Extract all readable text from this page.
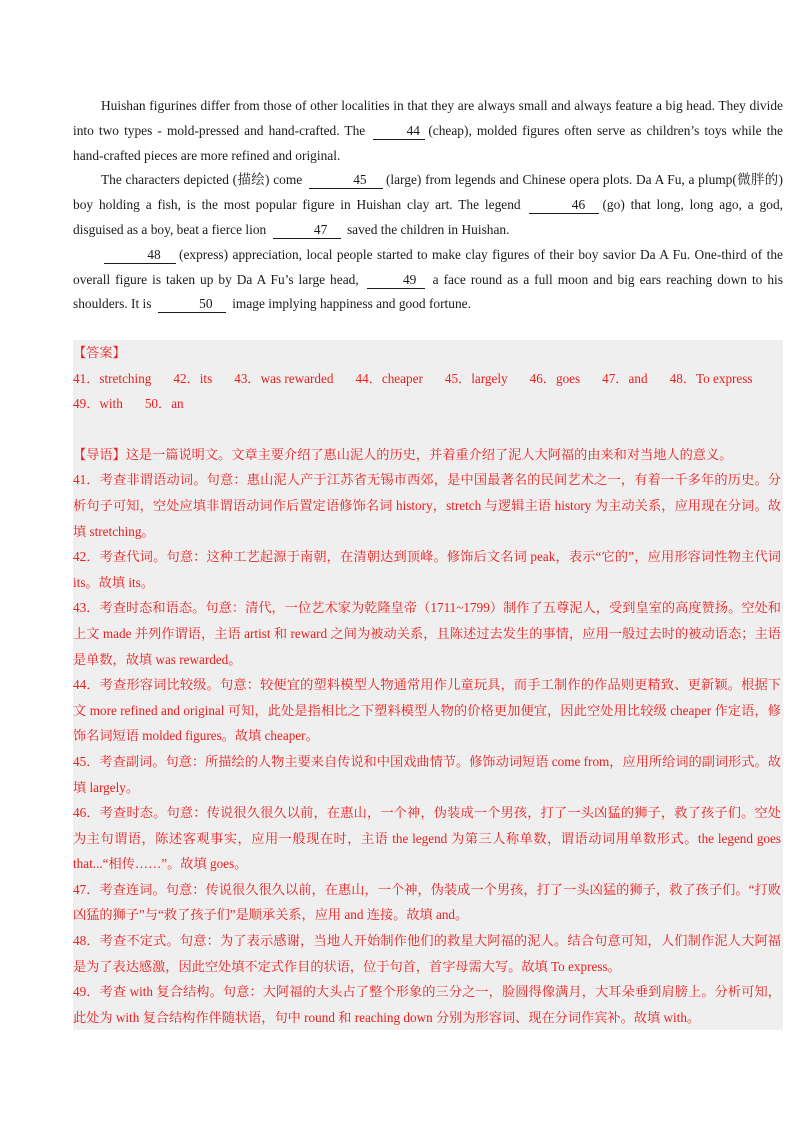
Huishan figurines differ from those of other localities in that they are always small and always feature a big head. They divide into two types - mold-pressed and hand-crafted. The	44 (cheap), molded figures often serve as children’s toys while the hand-crafted pieces are more refined and original.

The characters depicted (描绘) come	45 (large) from legends and Chinese opera plots. Da A Fu, a plump(微胖的) boy holding a fish, is the most popular figure in Huishan clay art. The legend	46 (go) that long, long ago, a god, disguised as a boy, beat a fierce lion	47 saved the children in Huishan.

48 (express) appreciation, local people started to make clay figures of their boy savior Da A Fu. One-third of the overall figure is taken up by Da A Fu’s large head,	49 a face round as a full moon and big ears reaching down to his shoulders. It is	50 image implying happiness and good fortune.

【答案】

41．stretching 42．its 43．was rewarded 44．cheaper 45．largely 46．goes 47．and 48．To express49．with 50．an

【导语】这是一篇说明文。文章主要介绍了惠山泥人的历史，并着重介绍了泥人大阿福的由来和对当地人的意义。

41．考查非谓语动词。句意：惠山泥人产于江苏省无锡市西郊，是中国最著名的民间艺术之一，有着一千多年的历史。分析句子可知，空处应填非谓语动词作后置定语修饰名词 history，stretch 与逻辑主语 history 为主动关系，应用现在分词。故填 stretching。

42．考查代词。句意：这种工艺起源于南朝，在清朝达到顶峰。修饰后文名词 peak，表示“它的”，应用形容词性物主代词 its。故填 its。

43．考查时态和语态。句意：清代，一位艺术家为乾隆皇帝（1711~1799）制作了五尊泥人，受到皇室的高度赞扬。空处和上文 made 并列作谓语，主语 artist 和 reward 之间为被动关系，且陈述过去发生的事情，应用一般过去时的被动语态；主语是单数，故填 was rewarded。

44．考查形容词比较级。句意：较便宜的塑料模型人物通常用作儿童玩具，而手工制作的作品则更精致、更新颖。根据下文 more refined and original 可知，此处是指相比之下塑料模型人物的价格更加便宜，因此空处用比较级 cheaper 作定语，修饰名词短语 molded figures。故填 cheaper。

45．考查副词。句意：所描绘的人物主要来自传说和中国戏曲情节。修饰动词短语 come from，应用所给词的副词形式。故填 largely。

46．考查时态。句意：传说很久很久以前，在惠山，一个神，伪装成一个男孩，打了一头凶猛的狮子，救了孩子们。空处为主句谓语，陈述客观事实，应用一般现在时，主语 the legend 为第三人称单数，谓语动词用单数形式。the legend goes that...“相传……”。故填 goes。

47．考查连词。句意：传说很久很久以前，在惠山，一个神，伪装成一个男孩，打了一头凶猛的狮子，救了孩子们。“打败凶猛的狮子”与“救了孩子们”是顺承关系，应用 and 连接。故填 and。

48．考查不定式。句意：为了表示感谢，当地人开始制作他们的救星大阿福的泥人。结合句意可知，人们制作泥人大阿福是为了表达感激，因此空处填不定式作目的状语，位于句首，首字母需大写。故填 To express。

49．考查 with 复合结构。句意：大阿福的大头占了整个形象的三分之一，脸圆得像满月，大耳朵垂到肩膀上。分析可知，此处为 with 复合结构作伴随状语，句中 round 和 reaching down 分别为形容词、现在分词作宾补。故填 with。
